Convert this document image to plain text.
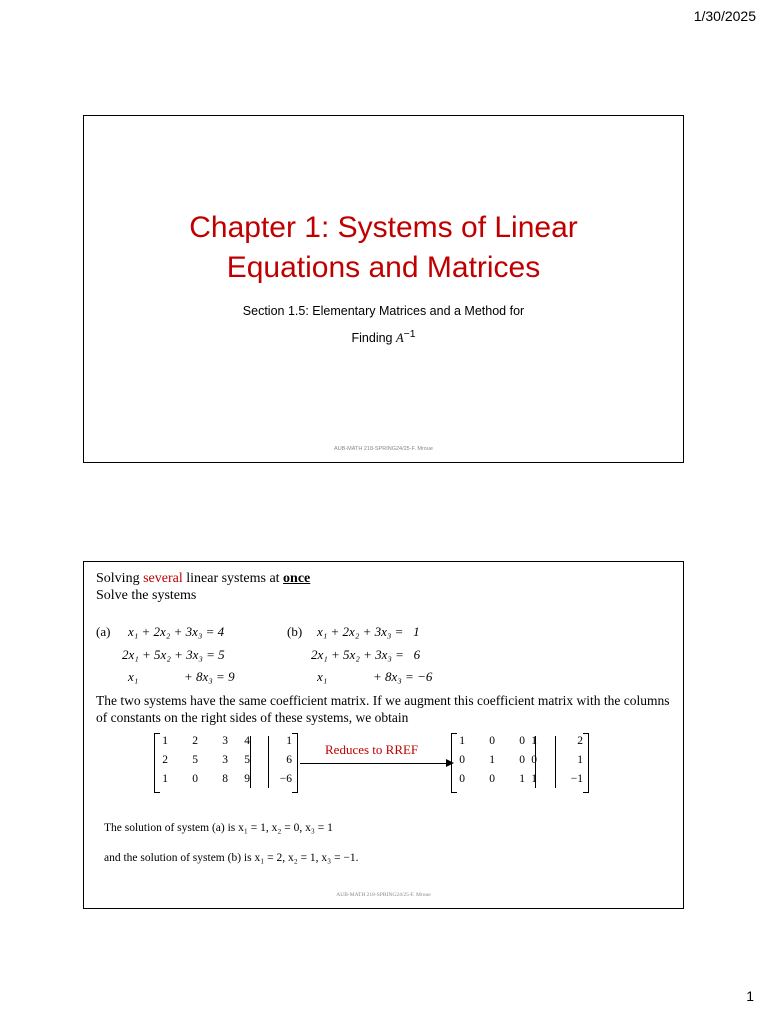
1/30/2025
Chapter 1: Systems of Linear
Equations and Matrices
Section 1.5: Elementary Matrices and a Method for
Finding $A^{-1}$
AUB-MATH 218-SPRING24/25-F. Mroue
Solving several linear systems at once
Solve the systems
(a) x₁ + 2x₂ + 3x₃ = 4
2x₁ + 5x₂ + 3x₃ = 5
x₁	+ 8x₃ = 9
(b) x₁ + 2x₂ + 3x₃ =   1
2x₁ + 5x₂ + 3x₃ =   6
x₁	+ 8x₃ = −6
The two systems have the same coefficient matrix. If we augment this coefficient matrix with the columns of constants on the right sides of these systems, we obtain
1	2	3	4	1
2	5	3	5	6
1	0	8	9	−6
Reduces to RREF
1	0	0 1	2
0	1	0 0	1
0	0	1 1	−1
The solution of system (a) is x₁ = 1, x₂ = 0, x₃ = 1
and the solution of system (b) is x₁ = 2, x₂ = 1, x₃ = −1.
AUB-MATH 218-SPRING24/25-F. Mroue
1
